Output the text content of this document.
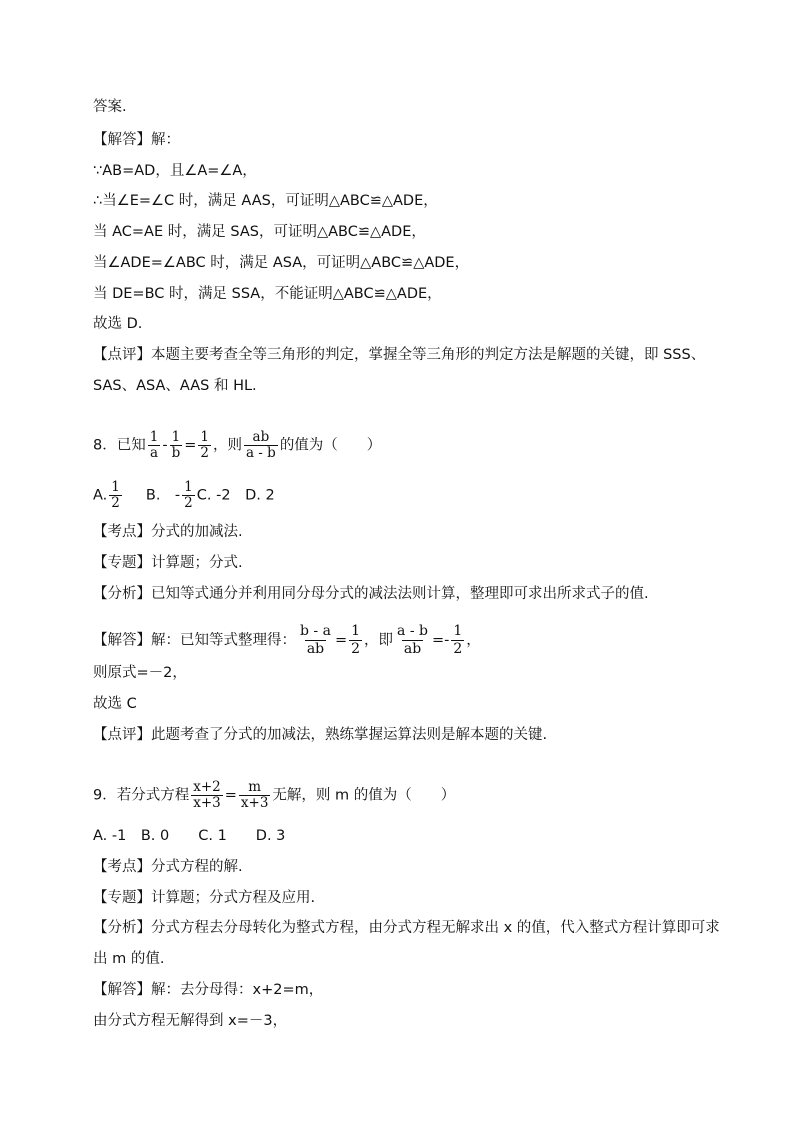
答案.
【解答】解：
∵AB=AD，且∠A=∠A，
∴当∠E=∠C 时，满足 AAS，可证明△ABC≌△ADE，
当 AC=AE 时，满足 SAS，可证明△ABC≌△ADE，
当∠ADE=∠ABC 时，满足 ASA，可证明△ABC≌△ADE，
当 DE=BC 时，满足 SSA，不能证明△ABC≌△ADE，
故选 D.
【点评】本题主要考查全等三角形的判定，掌握全等三角形的判定方法是解题的关键，即 SSS、
SAS、ASA、AAS 和 HL.
8．已知 $\frac{1}{a} - \frac{1}{b} = \frac{1}{2}$ ，则 $\frac{ab}{a - b}$ 的值为（　　）
A. $\frac{1}{2} B$.　- $\frac{1}{2} C$. -2　D. 2
【考点】分式的加减法.
【专题】计算题；分式.
【分析】已知等式通分并利用同分母分式的减法法则计算，整理即可求出所求式子的值.
【解答】解：已知等式整理得： $\frac{b - a}{ab} = \frac{1}{2}$ ，即 $\frac{a - b}{ab} =- \frac{1}{2}$ ，
则原式=－2，
故选 C
【点评】此题考查了分式的加减法，熟练掌握运算法则是解本题的关键.
9．若分式方程 $\frac{x+2}{x+3} = \frac{m}{x+3}$ 无解，则 m 的值为（　　）
A. -1　B. 0　　C. 1　　D. 3
【考点】分式方程的解.
【专题】计算题；分式方程及应用.
【分析】分式方程去分母转化为整式方程，由分式方程无解求出 x 的值，代入整式方程计算即可求
出 m 的值.
【解答】解：去分母得：x+2=m，
由分式方程无解得到 x=－3，
